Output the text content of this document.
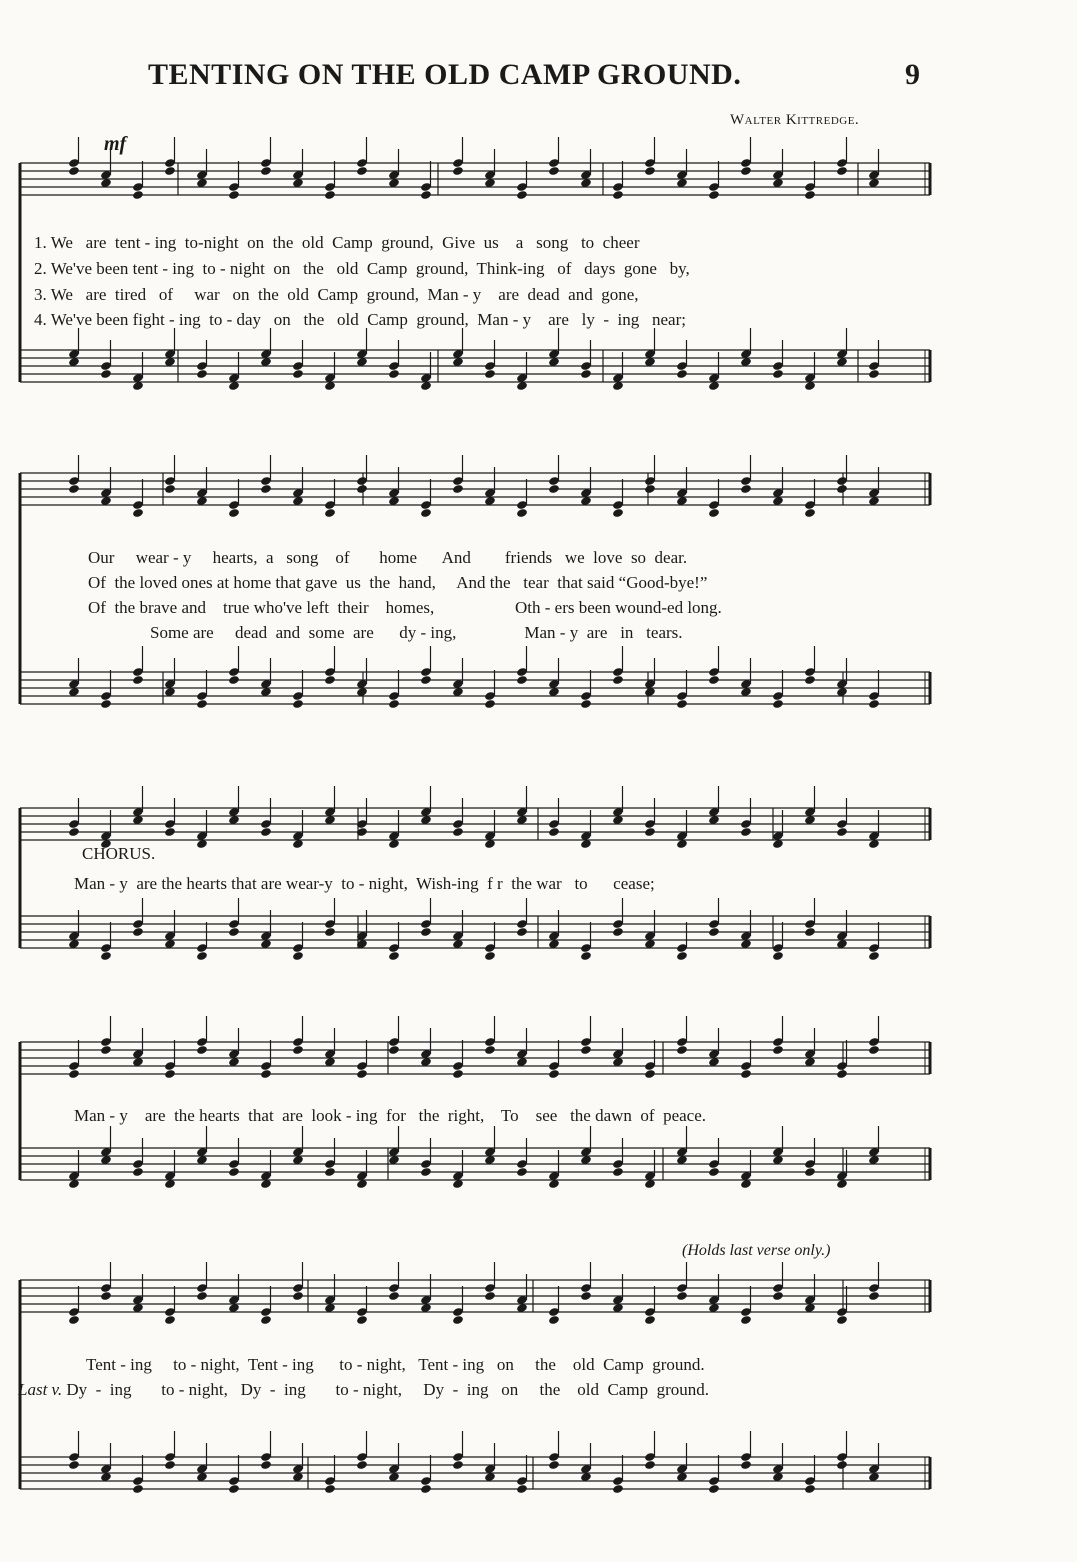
TENTING ON THE OLD CAMP GROUND.	9
Walter Kittredge.
mf
1. We   are  tent - ing  to-night  on  the  old  Camp  ground,  Give  us    a   song   to  cheer
2. We've been tent - ing  to - night  on   the   old  Camp  ground,  Think-ing   of   days  gone   by,
3. We   are  tired   of     war   on  the  old  Camp  ground,  Man - y    are  dead  and  gone,
4. We've been fight - ing  to - day   on   the   old  Camp  ground,  Man - y    are   ly  -  ing   near;
Our     wear - y     hearts,  a   song    of       home      And        friends   we  love  so  dear.
Of  the loved ones at home that gave  us  the  hand,     And the   tear  that said “Good-bye!”
Of  the brave and    true who've left  their    homes,                   Oth - ers been wound-ed long.
Some are     dead  and  some  are      dy - ing,                Man - y  are   in   tears.
CHORUS.
Man - y  are the hearts that are wear-y  to - night,  Wish-ing  f r  the war   to      cease;
Man - y    are  the hearts  that  are  look - ing  for   the  right,    To    see   the dawn  of  peace.
(Holds last verse only.)
Tent - ing     to - night,  Tent - ing      to - night,   Tent - ing   on     the    old  Camp  ground.
Last v. Dy  -  ing       to - night,   Dy  -  ing       to - night,     Dy  -  ing   on     the    old  Camp  ground.
